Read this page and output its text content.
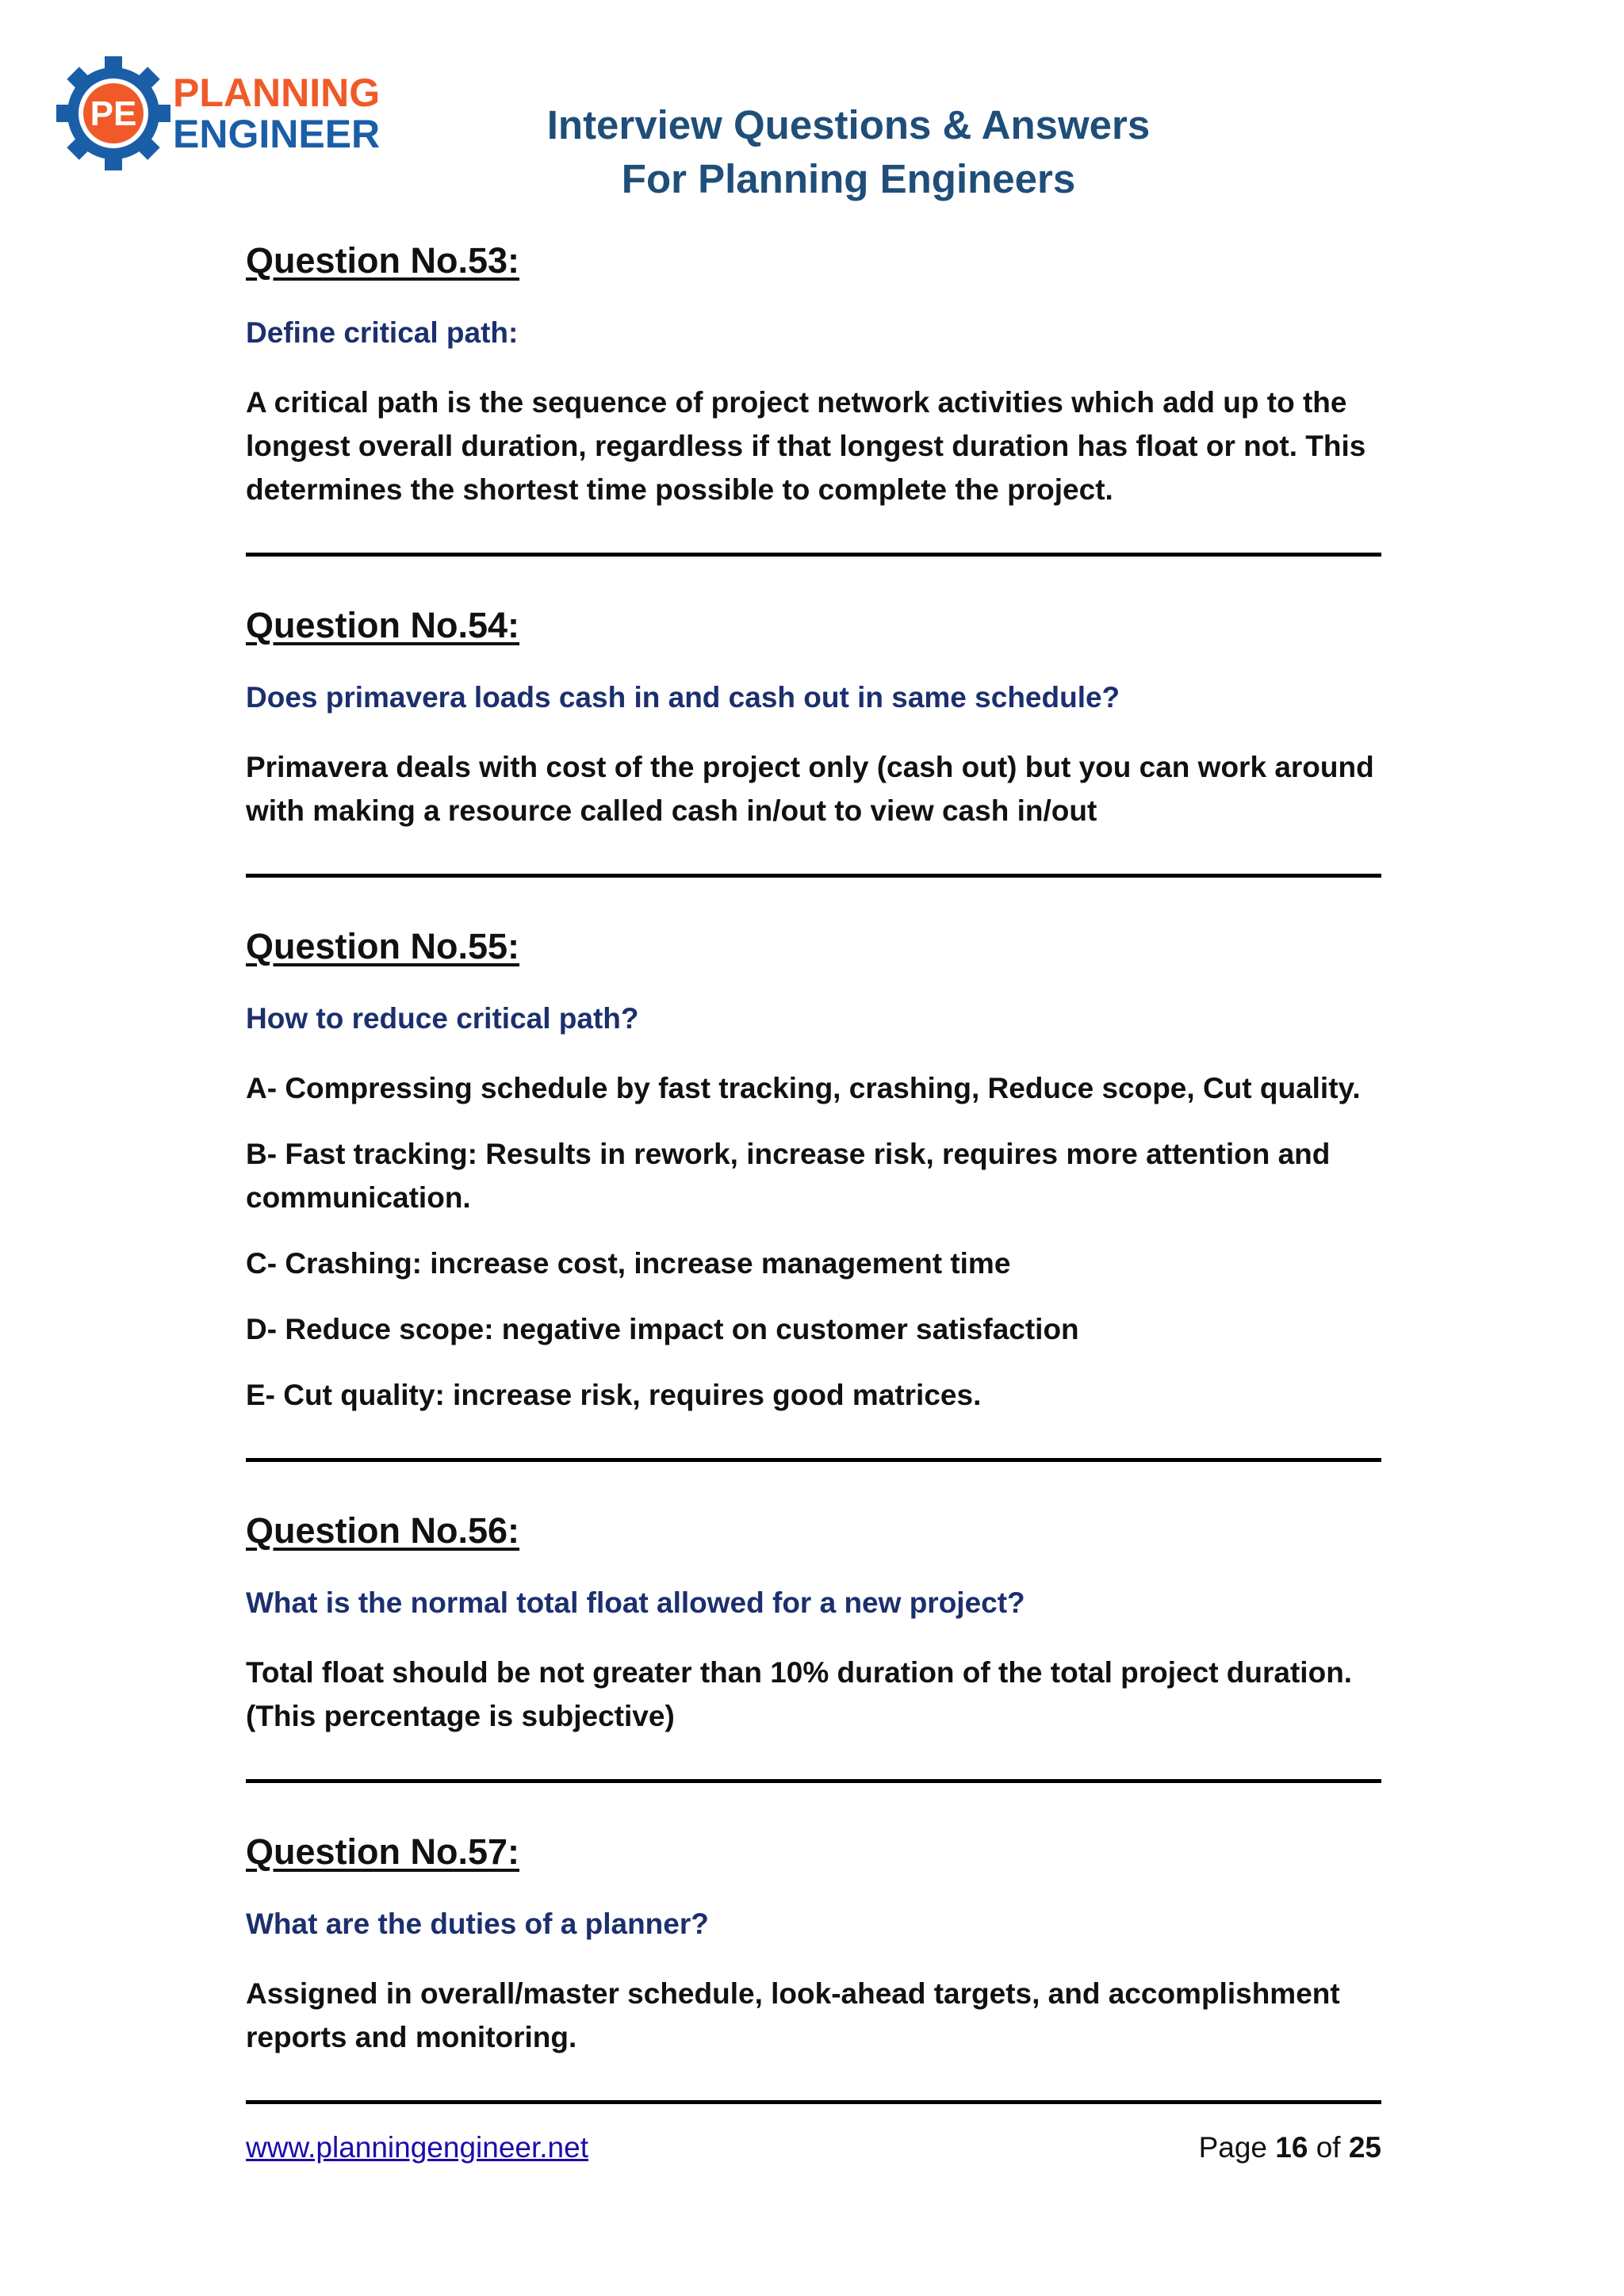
PE PLANNING
ENGINEER	Interview Questions & Answers
For Planning Engineers
Question No.53:
Define critical path:

A critical path is the sequence of project network activities which add up to the longest overall duration, regardless if that longest duration has float or not. This determines the shortest time possible to complete the project.

Question No.54:
Does primavera loads cash in and cash out in same schedule?

Primavera deals with cost of the project only (cash out) but you can work around with making a resource called cash in/out to view cash in/out

Question No.55:
How to reduce critical path?

A- Compressing schedule by fast tracking, crashing, Reduce scope, Cut quality.

B- Fast tracking: Results in rework, increase risk, requires more attention and communication.

C- Crashing: increase cost, increase management time

D- Reduce scope: negative impact on customer satisfaction

E- Cut quality: increase risk, requires good matrices.

Question No.56:
What is the normal total float allowed for a new project?

Total float should be not greater than 10% duration of the total project duration. (This percentage is subjective)

Question No.57:
What are the duties of a planner?

Assigned in overall/master schedule, look-ahead targets, and accomplishment reports and monitoring.

www.planningengineer.net	Page 16 of 25
